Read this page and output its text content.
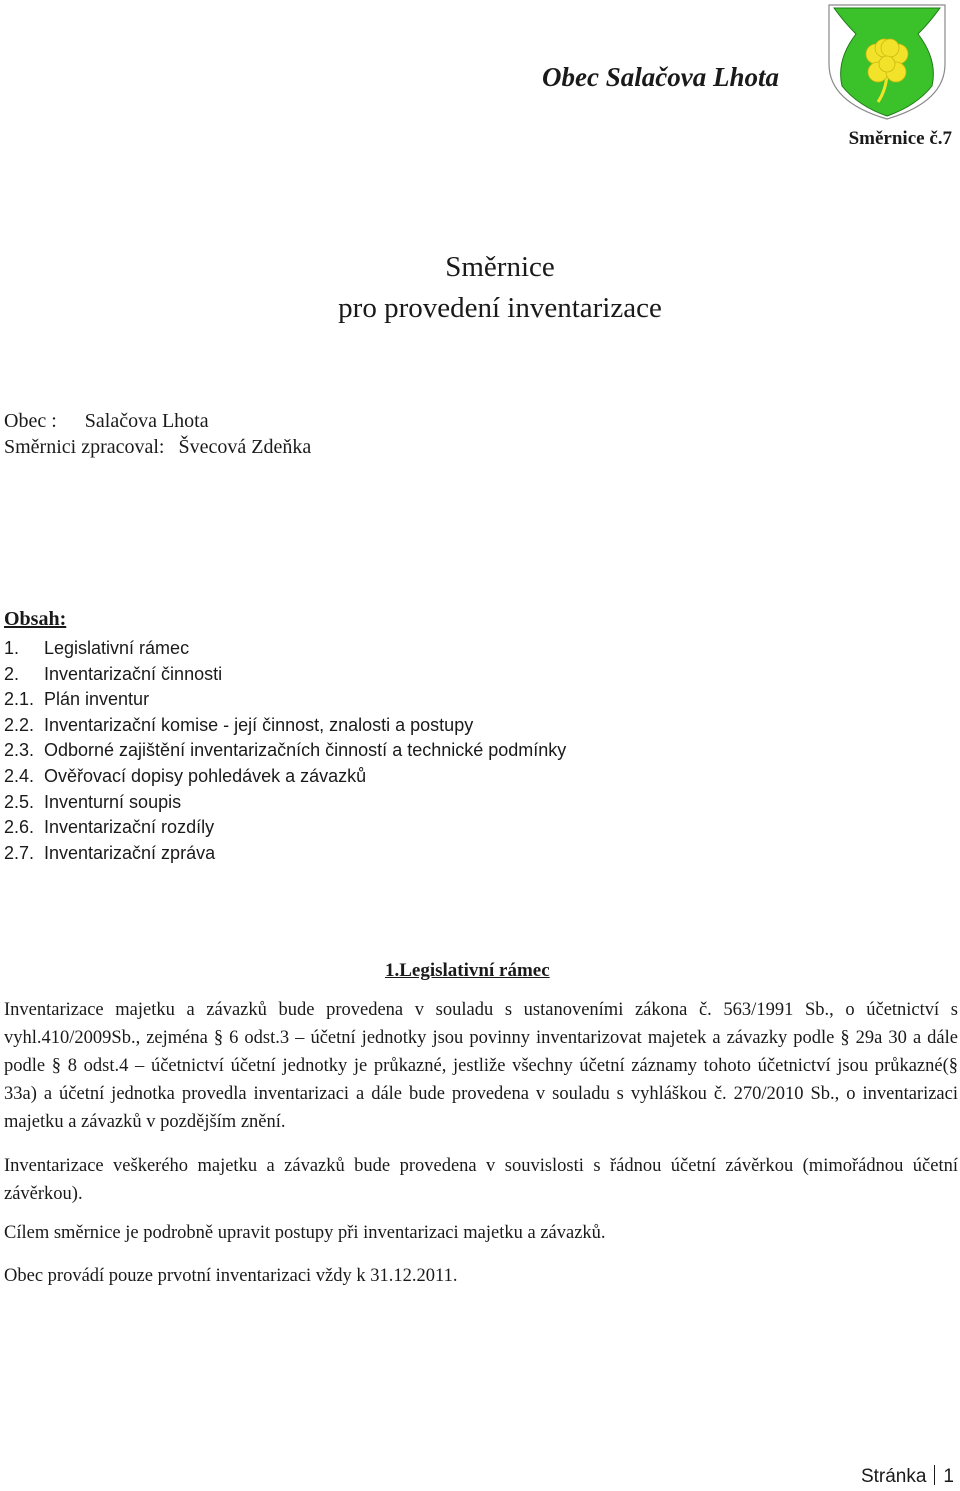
Obec Salačova Lhota
Směrnice č.7
Směrnice
pro provedení inventarizace
Obec : Salačova Lhota
Směrnici zpracoval: Švecová Zdeňka
Obsah:
1. Legislativní rámec
2. Inventarizační činnosti
2.1. Plán inventur
2.2. Inventarizační komise - její činnost, znalosti a postupy
2.3. Odborné zajištění inventarizačních činností a technické podmínky
2.4. Ověřovací dopisy pohledávek a závazků
2.5. Inventurní soupis
2.6. Inventarizační rozdíly
2.7. Inventarizační zpráva
1.Legislativní rámec

Inventarizace majetku a závazků bude provedena v souladu s ustanoveními zákona č. 563/1991 Sb., o účetnictví s vyhl.410/2009Sb., zejména § 6 odst.3 – účetní jednotky jsou povinny inventarizovat majetek a závazky podle § 29a 30 a dále podle § 8 odst.4 – účetnictví účetní jednotky je průkazné, jestliže všechny účetní záznamy tohoto účetnictví jsou průkazné(§ 33a) a účetní jednotka provedla inventarizaci a dále bude provedena v souladu s vyhláškou č. 270/2010 Sb., o inventarizaci majetku a závazků v pozdějším znění.

Inventarizace veškerého majetku a závazků bude provedena v souvislosti s řádnou účetní závěrkou (mimořádnou účetní závěrkou).

Cílem směrnice je podrobně upravit postupy při inventarizaci majetku a závazků.

Obec provádí pouze prvotní inventarizaci vždy k 31.12.2011.

Stránka 1
